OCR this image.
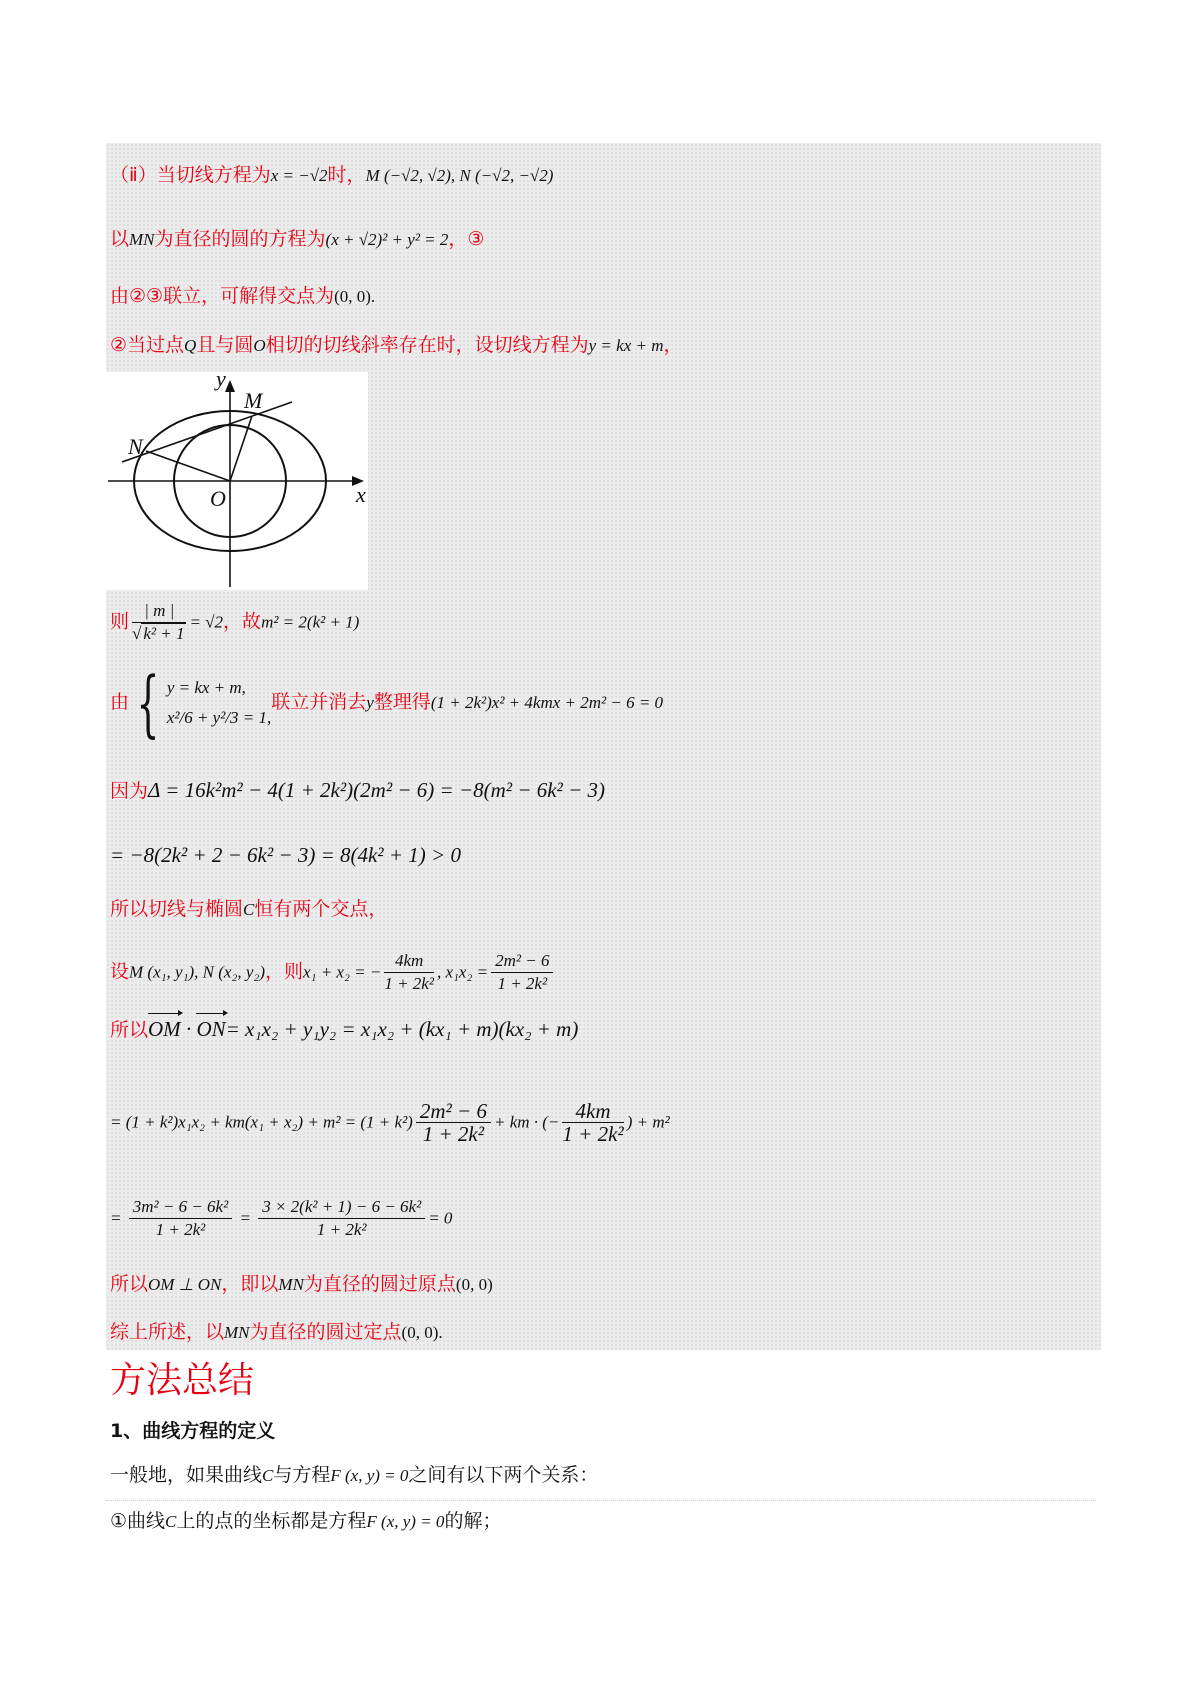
（ⅱ）当切线方程为x = −√2时，M (−√2, √2), N (−√2, −√2)
以MN为直径的圆的方程为(x + √2)² + y² = 2，③
由②③联立，可解得交点为(0, 0).
②当过点Q且与圆O相切的切线斜率存在时，设切线方程为y = kx + m，
y
x
O
M
N
则 $\frac{| m |}{\text{√ k² + 1}} = √2$，故m² = 2(k² + 1)
由 { y = kx + m,
x²/6 + y²/3 = 1,
联立并消去y整理得(1 + 2k²)x² + 4kmx + 2m² − 6 = 0
因为Δ = 16k²m² − 4(1 + 2k²)(2m² − 6) = −8(m² − 6k² − 3)
= −8(2k² + 2 − 6k² − 3) = 8(4k² + 1) > 0
所以切线与椭圆C恒有两个交点，
设M (x₁, y₁), N (x₂, y₂)，则x₁ + x₂ = − $\frac{4km}{\text{1 + 2k²}}$ , $x_1x_2 = \frac{\text{2m² − 6}}{\text{1 + 2k²}}$
所以OM · ON= x₁x₂ + y₁y₂ = x₁x₂ + (kx₁ + m)(kx₂ + m)
= $(1 + k^2)x_1x_2 + km(x_1 + x_2) + m^2 = (1 + k^2) \frac{\text{2m² − 6}}{\text{1 + 2k²}}$ + km · (− $\frac{4km}{\text{1 + 2k²}}$ ) + m²
= $\frac{\text{3m² − 6 − 6k²}}{\text{1 + 2k²}} = \frac{\text{3 × 2(k² + 1) − 6 − 6k²}}{\text{1 + 2k²}} = 0$
所以OM ⊥ ON，即以MN为直径的圆过原点(0, 0)
综上所述，以MN为直径的圆过定点(0, 0).
方法总结
1、曲线方程的定义
一般地，如果曲线C与方程F (x, y) = 0之间有以下两个关系：
①曲线C上的点的坐标都是方程F (x, y) = 0的解；
